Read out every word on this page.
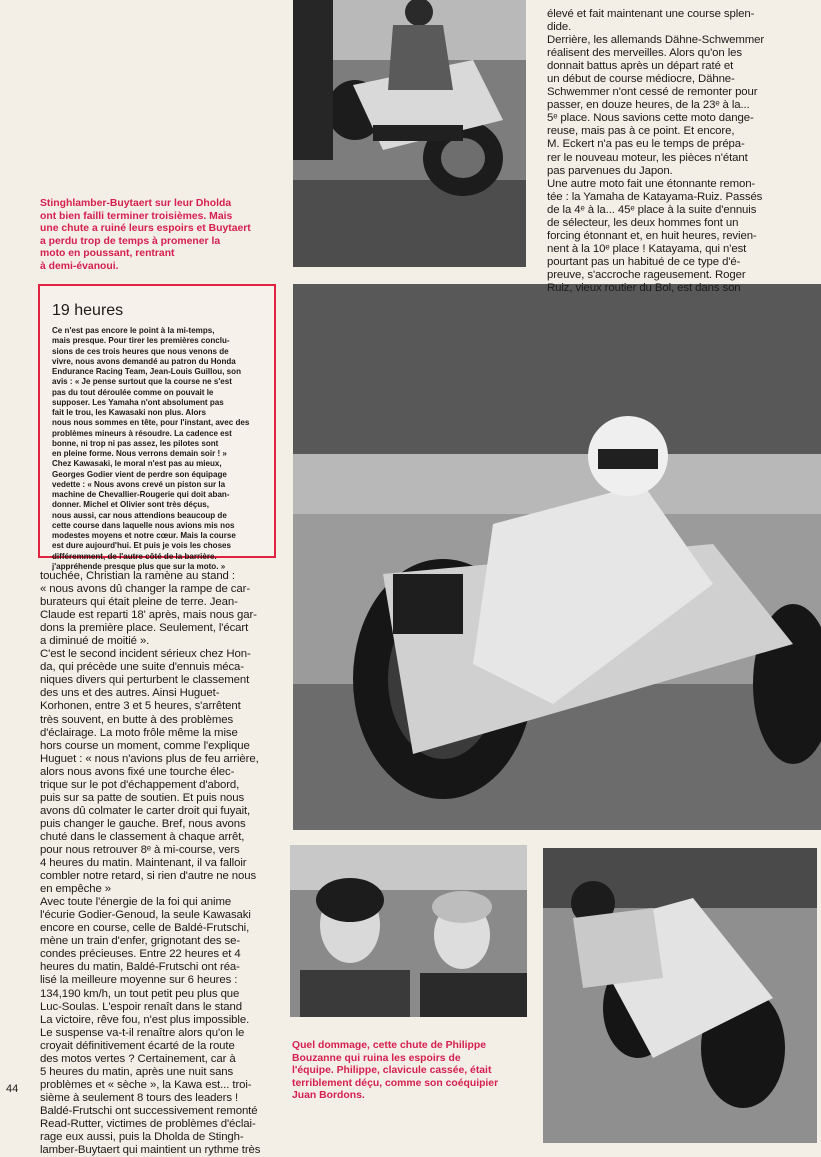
Stinghlamber-Buytaert sur leur Dholda
ont bien failli terminer troisièmes. Mais
une chute a ruiné leurs espoirs et Buytaert
a perdu trop de temps à promener la
moto en poussant, rentrant
à demi-évanoui.

élevé et fait maintenant une course splen-
dide.
Derrière, les allemands Dähne-Schwemmer
réalisent des merveilles. Alors qu'on les
donnait battus après un départ raté et
un début de course médiocre, Dähne-
Schwemmer n'ont cessé de remonter pour
passer, en douze heures, de la 23ᵉ à la...
5ᵉ place. Nous savions cette moto dange-
reuse, mais pas à ce point. Et encore,
M. Eckert n'a pas eu le temps de prépa-
rer le nouveau moteur, les pièces n'étant
pas parvenues du Japon.
Une autre moto fait une étonnante remon-
tée : la Yamaha de Katayama-Ruiz. Passés
de la 4ᵉ à la... 45ᵉ place à la suite d'ennuis
de sélecteur, les deux hommes font un
forcing étonnant et, en huit heures, revien-
nent à la 10ᵉ place ! Katayama, qui n'est
pourtant pas un habitué de ce type d'é-
preuve, s'accroche rageusement. Roger
Ruiz, vieux routier du Bol, est dans son

19 heures

Ce n'est pas encore le point à la mi-temps,
mais presque. Pour tirer les premières conclu-
sions de ces trois heures que nous venons de
vivre, nous avons demandé au patron du Honda
Endurance Racing Team, Jean-Louis Guillou, son
avis : « Je pense surtout que la course ne s'est
pas du tout déroulée comme on pouvait le
supposer. Les Yamaha n'ont absolument pas
fait le trou, les Kawasaki non plus. Alors
nous nous sommes en tête, pour l'instant, avec des
problèmes mineurs à résoudre. La cadence est
bonne, ni trop ni pas assez, les pilotes sont
en pleine forme. Nous verrons demain soir ! »
Chez Kawasaki, le moral n'est pas au mieux,
Georges Godier vient de perdre son équipage
vedette : « Nous avons crevé un piston sur la
machine de Chevallier-Rougerie qui doit aban-
donner. Michel et Olivier sont très déçus,
nous aussi, car nous attendions beaucoup de
cette course dans laquelle nous avions mis nos
modestes moyens et notre cœur. Mais la course
est dure aujourd'hui. Et puis je vois les choses
différemment, de l'autre côté de la barrière.
j'appréhende presque plus que sur la moto. »

touchée, Christian la ramène au stand :
« nous avons dû changer la rampe de car-
burateurs qui était pleine de terre. Jean-
Claude est reparti 18' après, mais nous gar-
dons la première place. Seulement, l'écart
a diminué de moitié ».
C'est le second incident sérieux chez Hon-
da, qui précède une suite d'ennuis méca-
niques divers qui perturbent le classement
des uns et des autres. Ainsi Huguet-
Korhonen, entre 3 et 5 heures, s'arrêtent
très souvent, en butte à des problèmes
d'éclairage. La moto frôle même la mise
hors course un moment, comme l'explique
Huguet : « nous n'avions plus de feu arrière,
alors nous avons fixé une tourche élec-
trique sur le pot d'échappement d'abord,
puis sur sa patte de soutien. Et puis nous
avons dû colmater le carter droit qui fuyait,
puis changer le gauche. Bref, nous avons
chuté dans le classement à chaque arrêt,
pour nous retrouver 8ᵉ à mi-course, vers
4 heures du matin. Maintenant, il va falloir
combler notre retard, si rien d'autre ne nous
en empêche »
Avec toute l'énergie de la foi qui anime
l'écurie Godier-Genoud, la seule Kawasaki
encore en course, celle de Baldé-Frutschi,
mène un train d'enfer, grignotant des se-
condes précieuses. Entre 22 heures et 4
heures du matin, Baldé-Frutschi ont réa-
lisé la meilleure moyenne sur 6 heures :
134,190 km/h, un tout petit peu plus que
Luc-Soulas. L'espoir renaît dans le stand
La victoire, rêve fou, n'est plus impossible.
Le suspense va-t-il renaître alors qu'on le
croyait définitivement écarté de la route
des motos vertes ? Certainement, car à
5 heures du matin, après une nuit sans
problèmes et « sèche », la Kawa est... troi-
sième à seulement 8 tours des leaders !
Baldé-Frutschi ont successivement remonté
Read-Rutter, victimes de problèmes d'éclai-
rage eux aussi, puis la Dholda de Stingh-
lamber-Buytaert qui maintient un rythme très

Quel dommage, cette chute de Philippe
Bouzanne qui ruina les espoirs de
l'équipe. Philippe, clavicule cassée, était
terriblement déçu, comme son coéquipier
Juan Bordons.

44
